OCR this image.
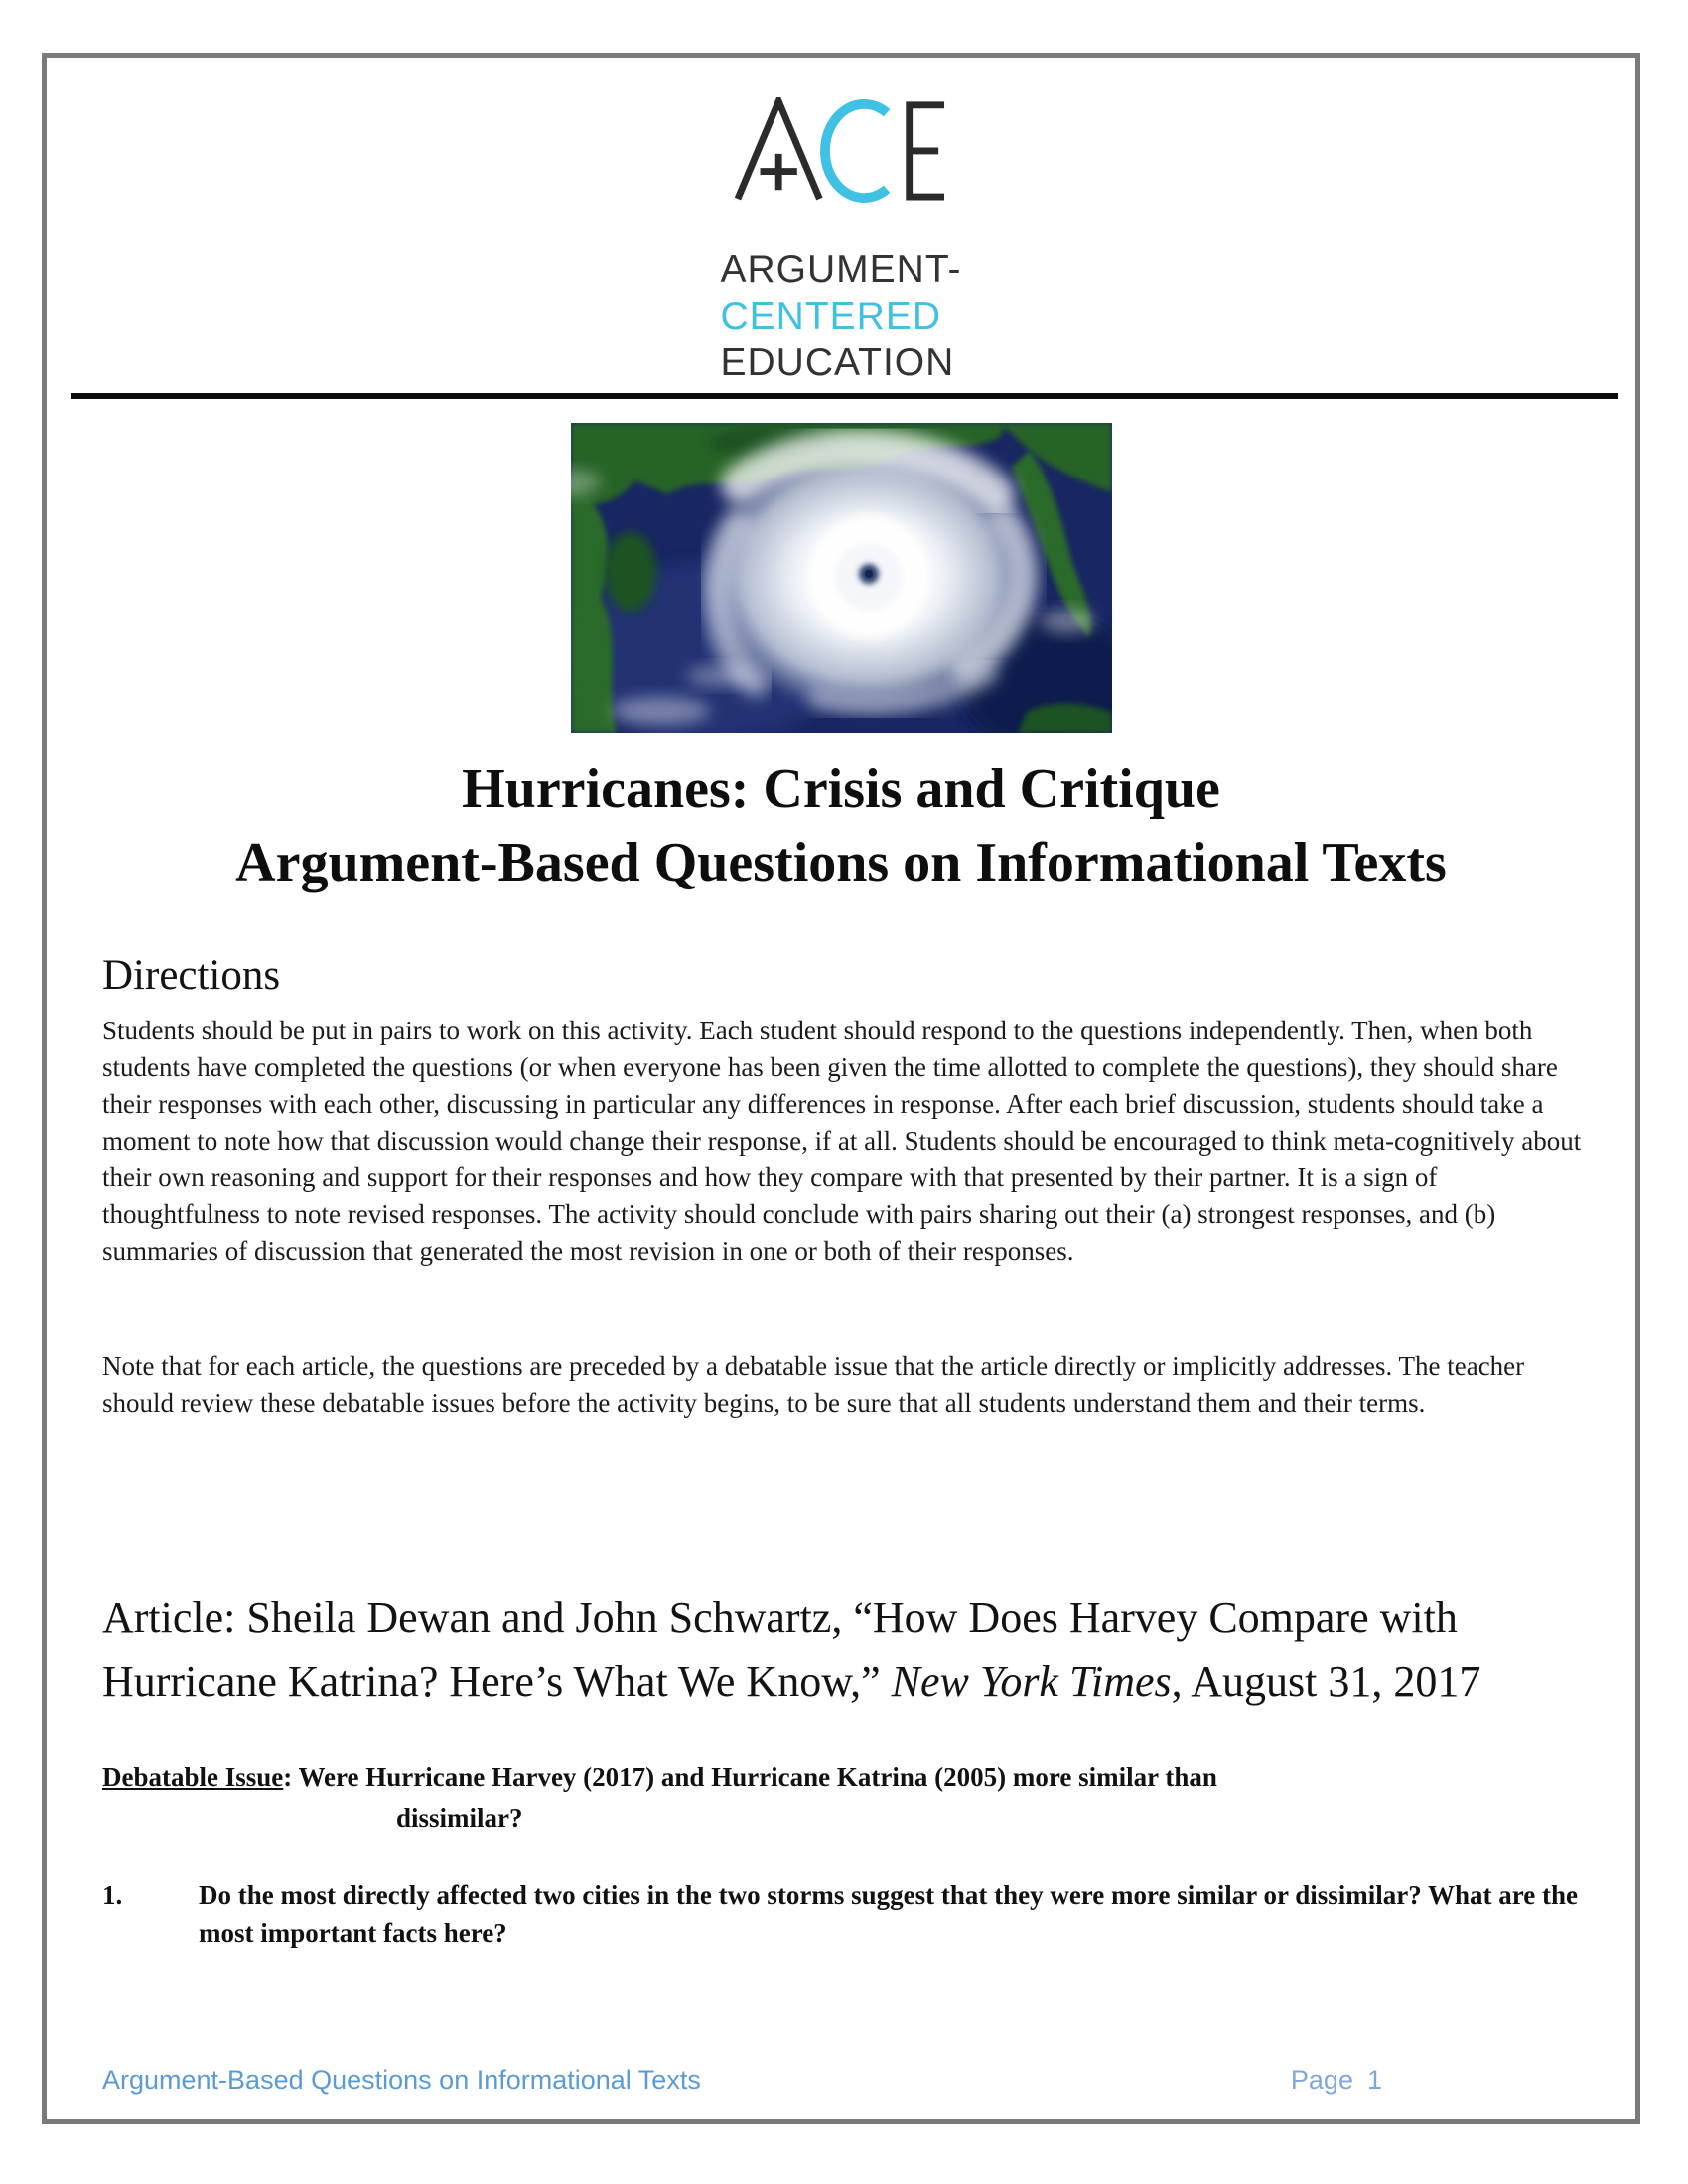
ARGUMENT-
CENTERED
EDUCATION
Hurricanes: Crisis and Critique
Argument-Based Questions on Informational Texts
Directions
Students should be put in pairs to work on this activity. Each student should respond to the questions independently. Then, when both students have completed the questions (or when everyone has been given the time allotted to complete the questions), they should share their responses with each other, discussing in particular any differences in response. After each brief discussion, students should take a moment to note how that discussion would change their response, if at all. Students should be encouraged to think meta-cognitively about their own reasoning and support for their responses and how they compare with that presented by their partner. It is a sign of thoughtfulness to note revised responses. The activity should conclude with pairs sharing out their (a) strongest responses, and (b) summaries of discussion that generated the most revision in one or both of their responses.
Note that for each article, the questions are preceded by a debatable issue that the article directly or implicitly addresses. The teacher should review these debatable issues before the activity begins, to be sure that all students understand them and their terms.
Article: Sheila Dewan and John Schwartz, “How Does Harvey Compare with Hurricane Katrina? Here’s What We Know,” New York Times, August 31, 2017
Debatable Issue: Were Hurricane Harvey (2017) and Hurricane Katrina (2005) more similar than
dissimilar?
1.	Do the most directly affected two cities in the two storms suggest that they were more similar or dissimilar? What are the most important facts here?
Argument-Based Questions on Informational Texts	Page 1
